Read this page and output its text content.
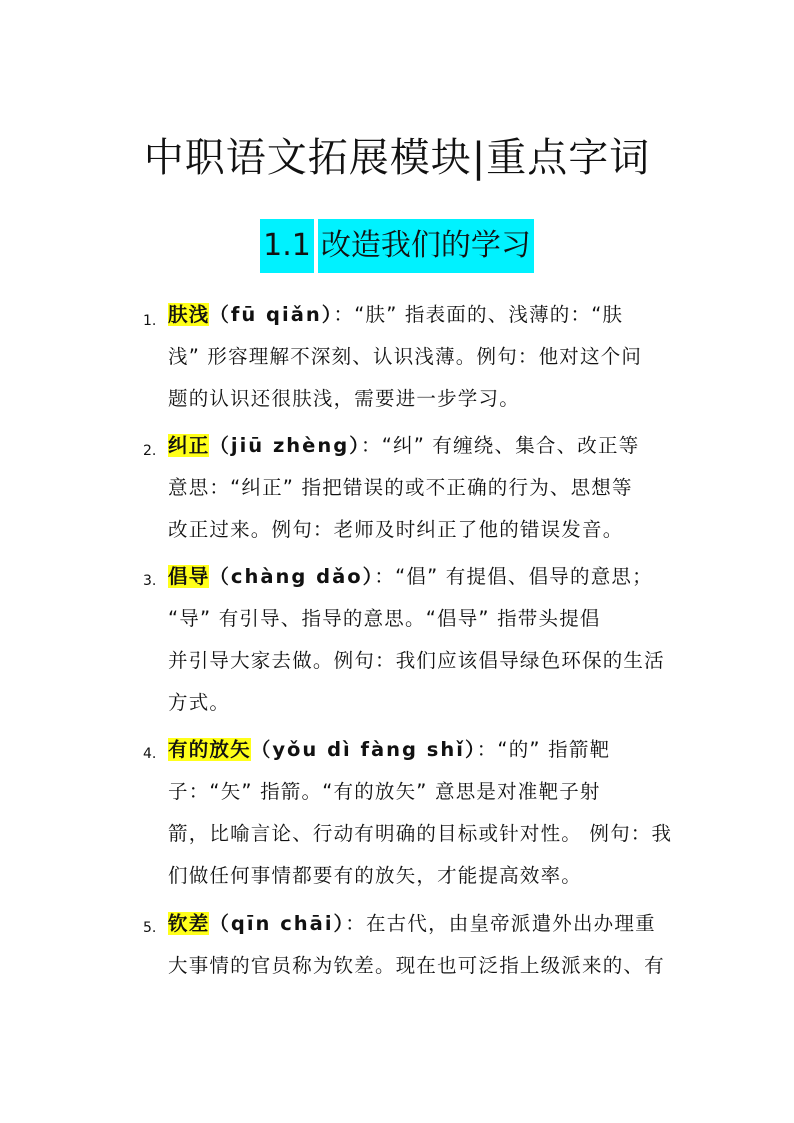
中职语文拓展模块|重点字词
1.1 改造我们的学习
1. 肤浅（fū qiǎn）：“肤” 指表面的、浅薄的：“肤
浅” 形容理解不深刻、认识浅薄。例句：他对这个问
题的认识还很肤浅，需要进一步学习。
2. 纠正（jiū zhèng）：“纠” 有缠绕、集合、改正等
意思：“纠正” 指把错误的或不正确的行为、思想等
改正过来。例句：老师及时纠正了他的错误发音。
3. 倡导（chàng dǎo）：“倡” 有提倡、倡导的意思；
“导” 有引导、指导的意思。“倡导” 指带头提倡
并引导大家去做。例句：我们应该倡导绿色环保的生活
方式。
4. 有的放矢（yǒu dì fàng shǐ）：“的” 指箭靶
子：“矢” 指箭。“有的放矢” 意思是对准靶子射
箭，比喻言论、行动有明确的目标或针对性。 例句：我
们做任何事情都要有的放矢，才能提高效率。
5. 钦差（qīn chāi）：在古代，由皇帝派遣外出办理重
大事情的官员称为钦差。现在也可泛指上级派来的、有
